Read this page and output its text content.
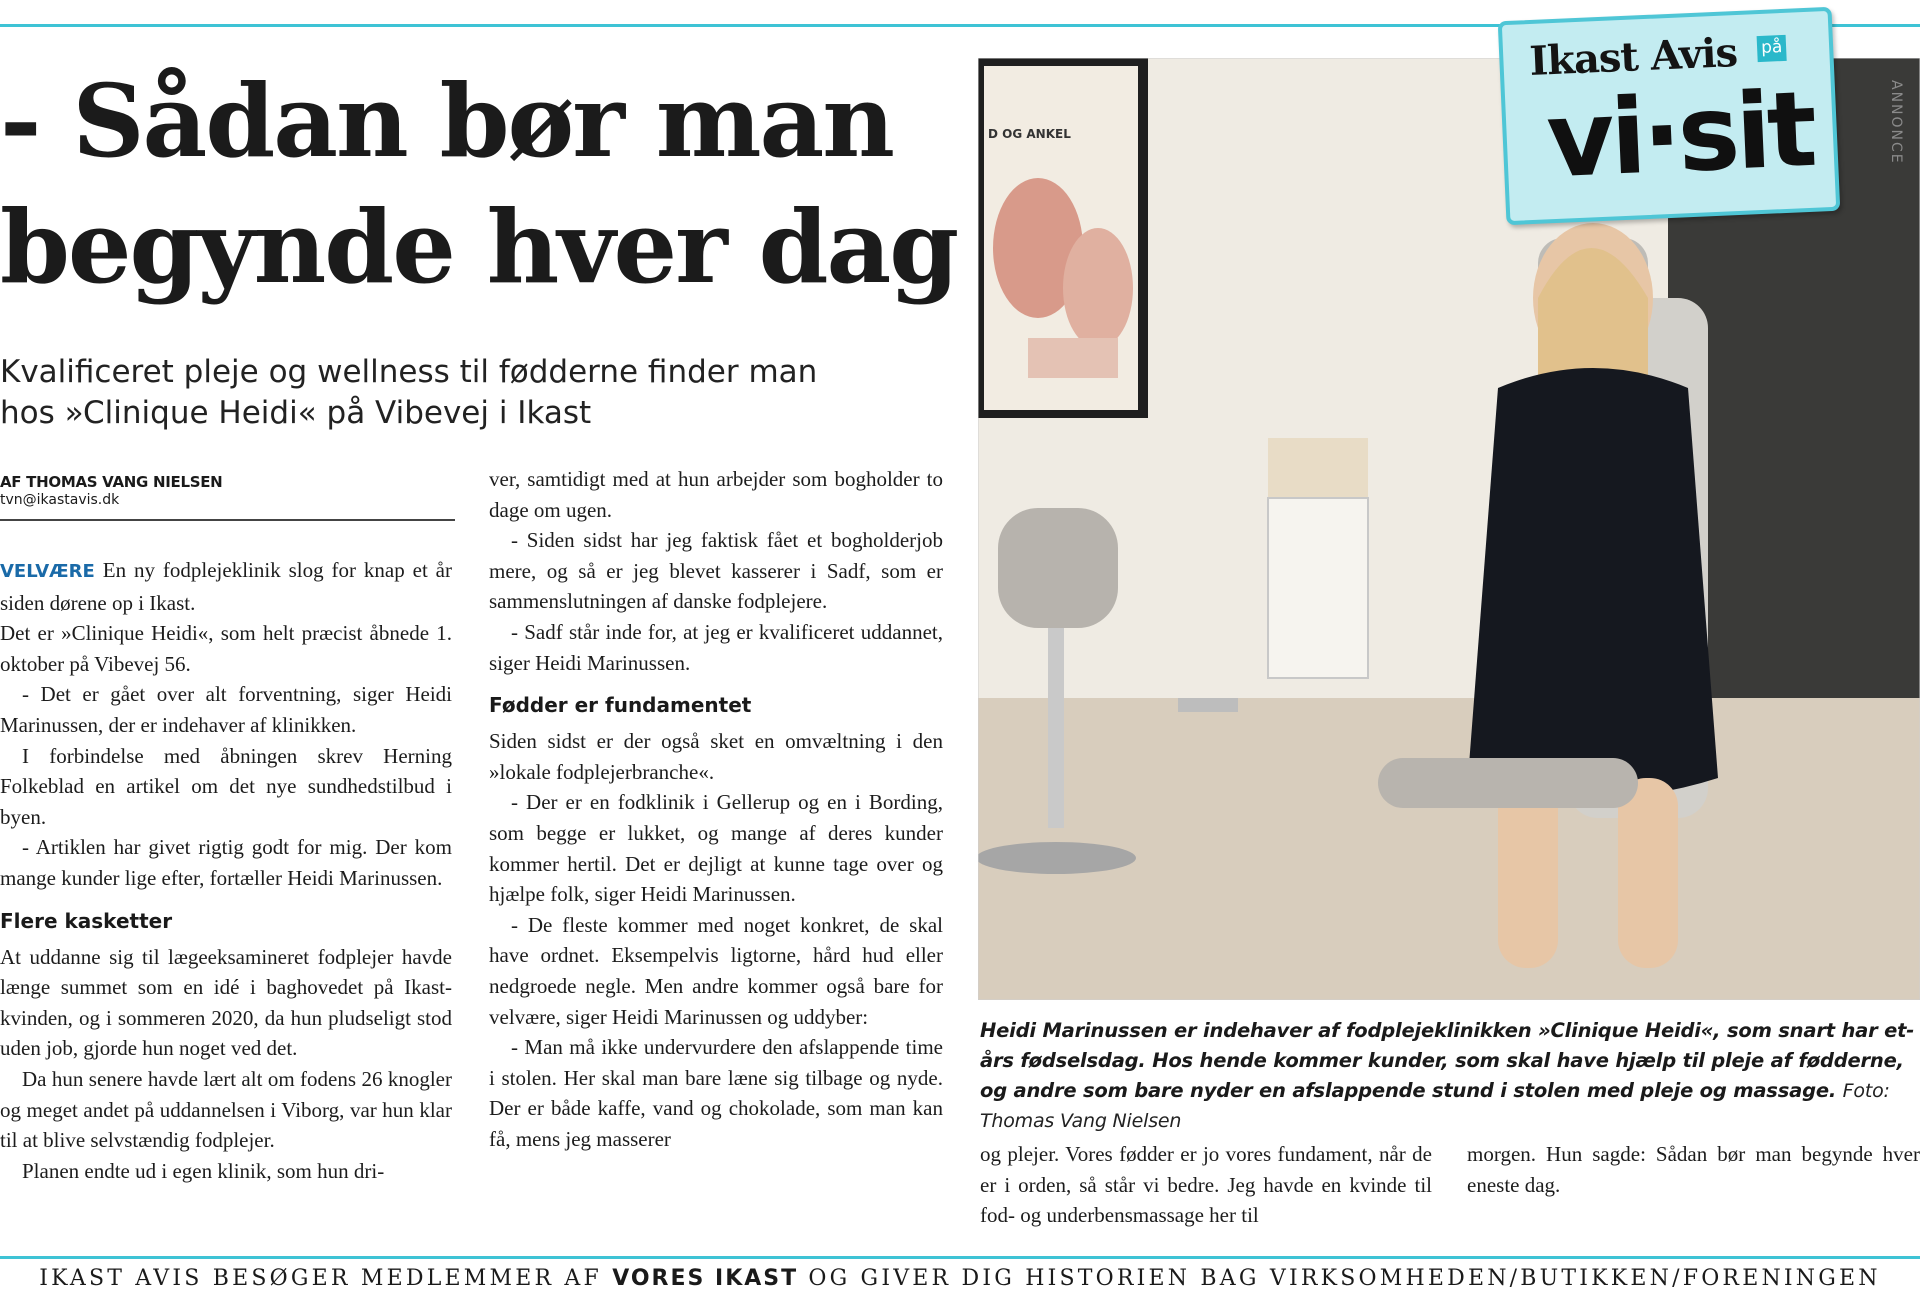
- Sådan bør man
begynde hver dag
Kvalificeret pleje og wellness til fødderne finder man
hos »Clinique Heidi« på Vibevej i Ikast
AF THOMAS VANG NIELSEN
tvn@ikastavis.dk

VELVÆRE En ny fodplejeklinik slog for knap et år siden dørene op i Ikast.

Det er »Clinique Heidi«, som helt præcist åbnede 1. oktober på Vibevej 56.

- Det er gået over alt forventning, siger Heidi Marinussen, der er indehaver af klinikken.

I forbindelse med åbningen skrev Herning Folkeblad en artikel om det nye sundhedstilbud i byen.

- Artiklen har givet rigtig godt for mig. Der kom mange kunder lige efter, fortæller Heidi Marinussen.

Flere kasketter

At uddanne sig til lægeeksamineret fodplejer havde længe summet som en idé i baghovedet på Ikast-kvinden, og i sommeren 2020, da hun pludseligt stod uden job, gjorde hun noget ved det.

Da hun senere havde lært alt om fodens 26 knogler og meget andet på uddannelsen i Viborg, var hun klar til at blive selvstændig fodplejer.

Planen endte ud i egen klinik, som hun dri-

ver, samtidigt med at hun arbejder som bogholder to dage om ugen.

- Siden sidst har jeg faktisk fået et bogholderjob mere, og så er jeg blevet kasserer i Sadf, som er sammenslutningen af danske fodplejere.

- Sadf står inde for, at jeg er kvalificeret uddannet, siger Heidi Marinussen.

Fødder er fundamentet

Siden sidst er der også sket en omvæltning i den »lokale fodplejerbranche«.

- Der er en fodklinik i Gellerup og en i Bording, som begge er lukket, og mange af deres kunder kommer hertil. Det er dejligt at kunne tage over og hjælpe folk, siger Heidi Marinussen.

- De fleste kommer med noget konkret, de skal have ordnet. Eksempelvis ligtorne, hård hud eller nedgroede negle. Men andre kommer også bare for velvære, siger Heidi Marinussen og uddyber:

- Man må ikke undervurdere den afslappende time i stolen. Her skal man bare læne sig tilbage og nyde. Der er både kaffe, vand og chokolade, som man kan få, mens jeg masserer

D OG ANKEL
Ikast Avis på
vi·sit	ANNONCE
Heidi Marinussen er indehaver af fodplejeklinikken »Clinique Heidi«, som snart har et-års fødselsdag. Hos hende kommer kunder, som skal have hjælp til pleje af fødderne, og andre som bare nyder en afslappende stund i stolen med pleje og massage. Foto: Thomas Vang Nielsen

og plejer. Vores fødder er jo vores fundament, når de er i orden, så står vi bedre. Jeg havde en kvinde til fod- og underbensmassage her til

morgen. Hun sagde: Sådan bør man begynde hver eneste dag.

IKAST AVIS BESØGER MEDLEMMER AF VORES IKAST OG GIVER DIG HISTORIEN BAG VIRKSOMHEDEN/BUTIKKEN/FORENINGEN
